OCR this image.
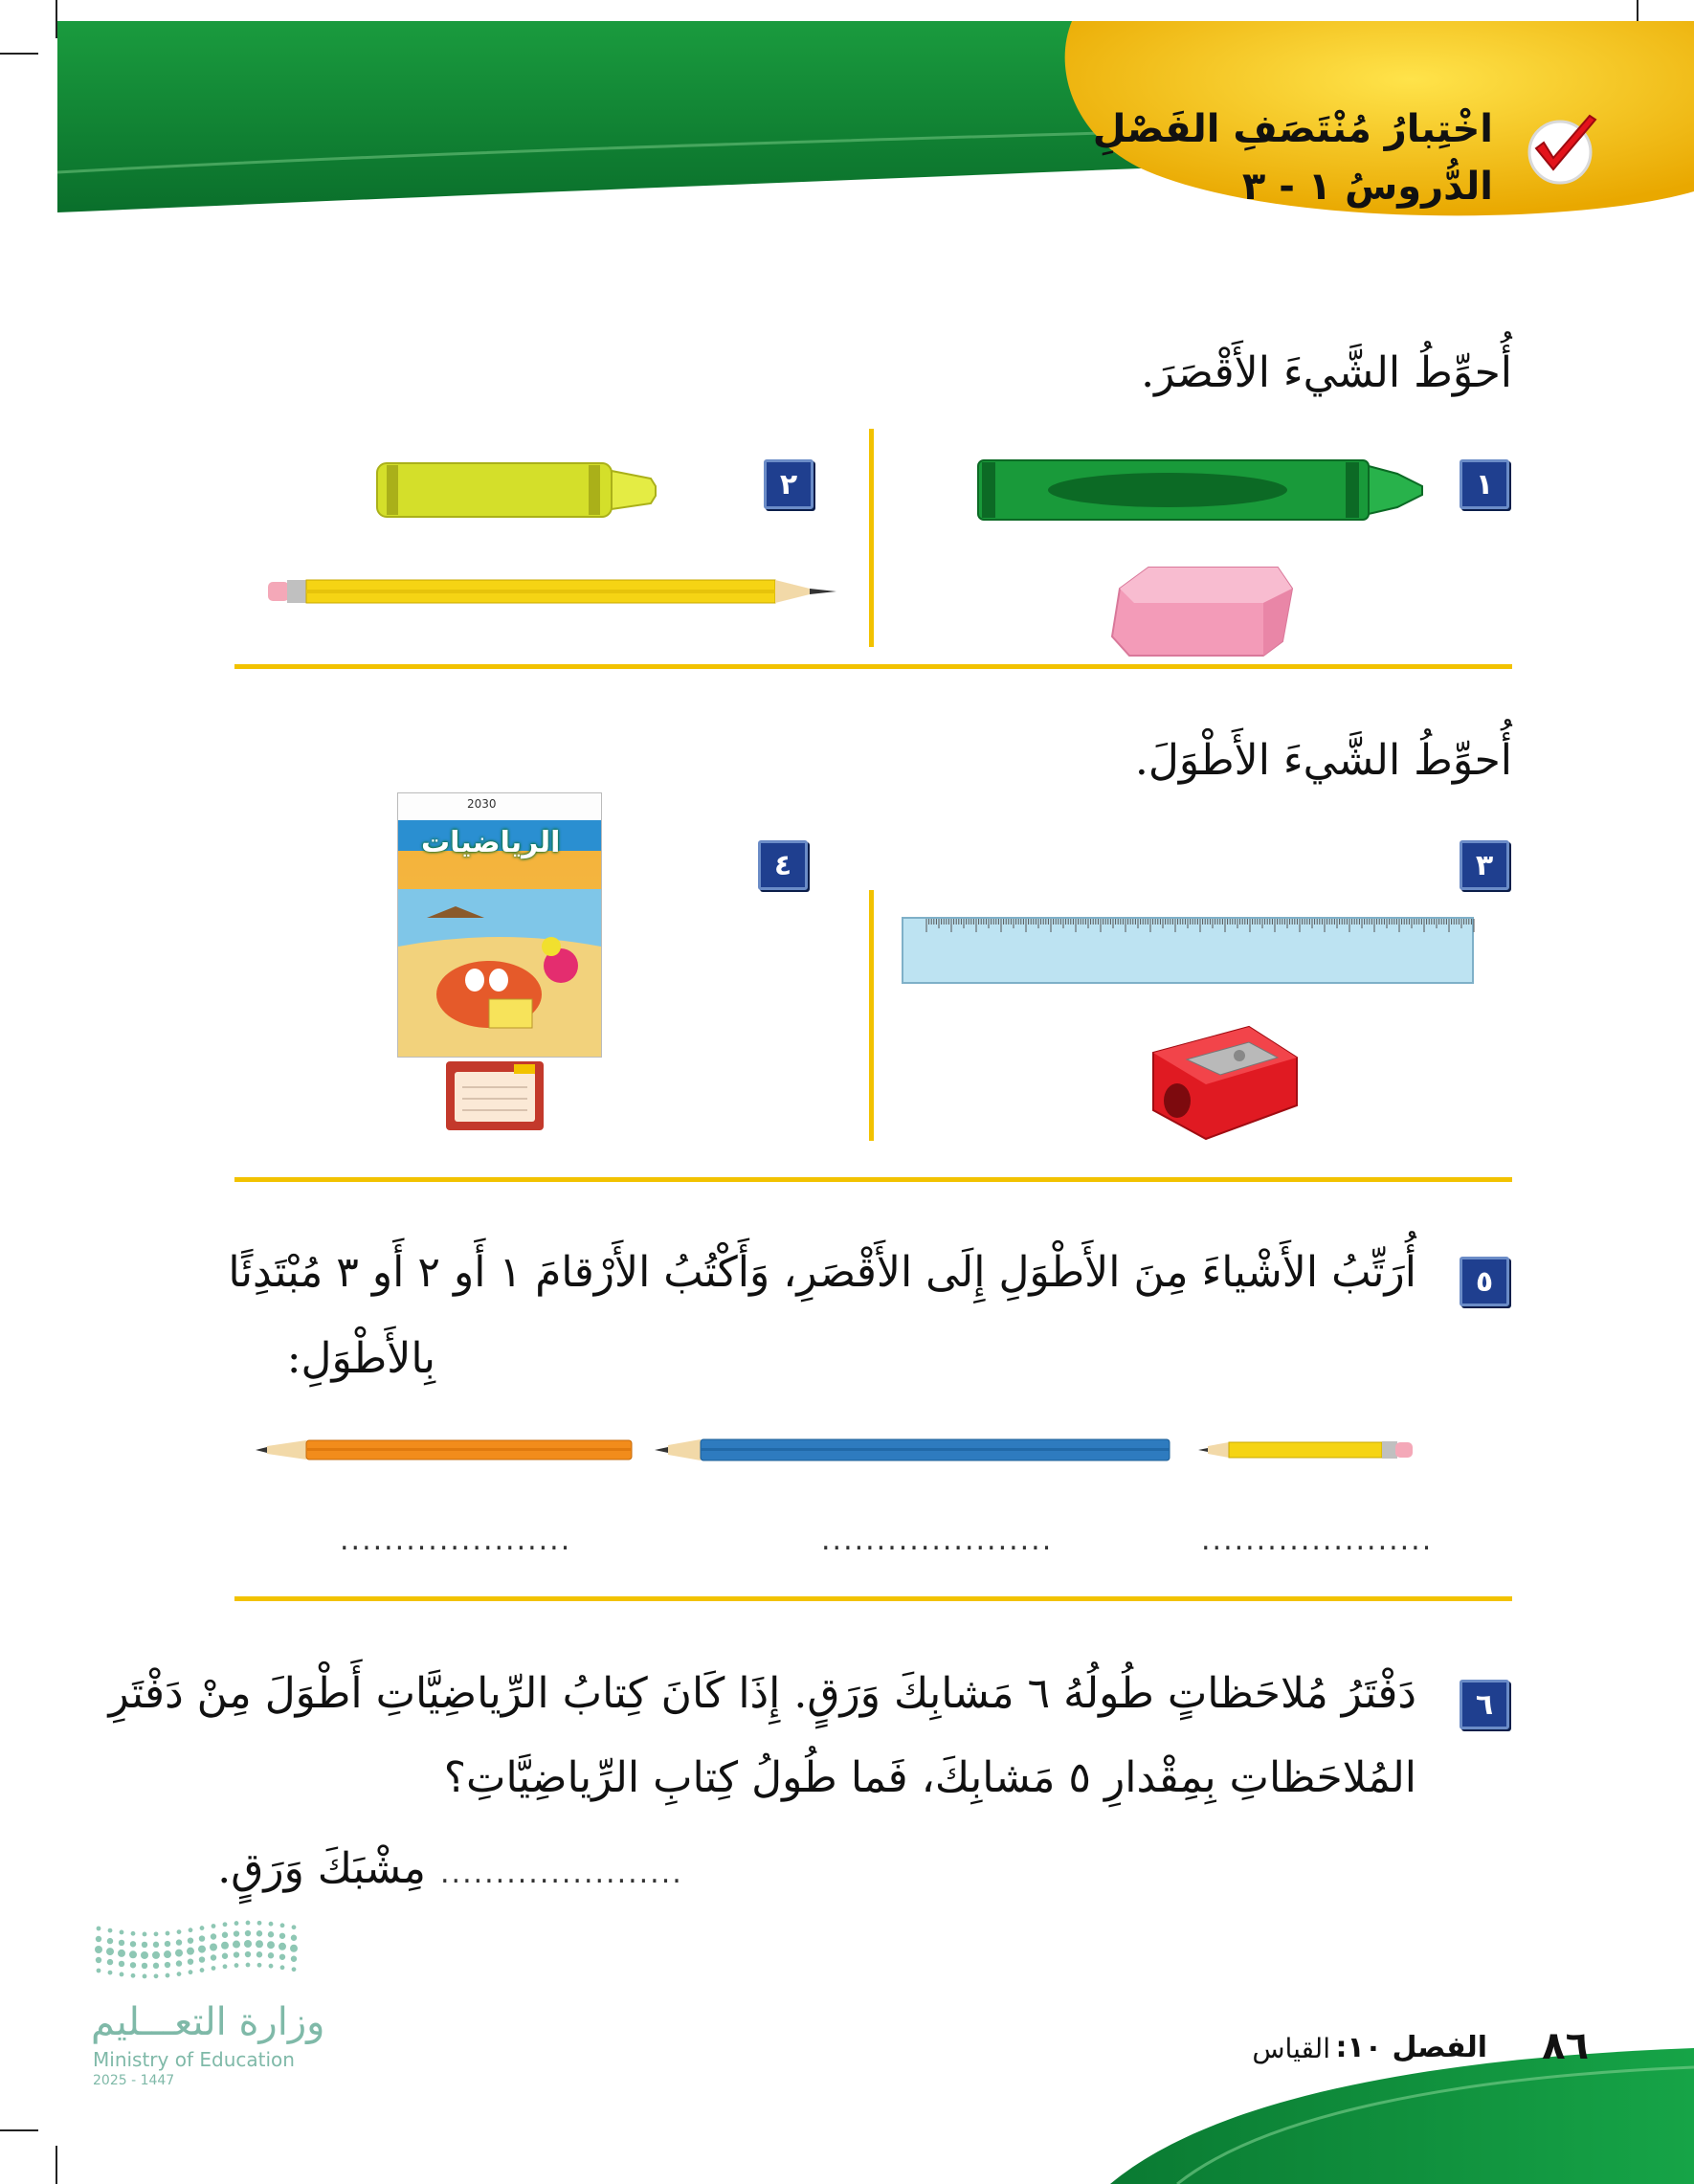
اخْتِبارُ مُنْتَصَفِ الفَصْلِ
الدُّروسُ ١ - ٣
أُحوِّطُ الشَّيءَ الأَقْصَرَ.
١
٢
أُحوِّطُ الشَّيءَ الأَطْوَلَ.
٣
٤
2030
الرياضيات
٥
أُرَتِّبُ الأَشْياءَ مِنَ الأَطْوَلِ إِلَى الأَقْصَرِ، وَأَكْتُبُ الأَرْقامَ ١ أَو ٢ أَو ٣ مُبْتَدِئًا
بِالأَطْوَلِ:
.....................	.....................	.....................
٦
دَفْتَرُ مُلاحَظاتٍ طُولُهُ ٦ مَشابِكَ وَرَقٍ. إِذَا كَانَ كِتابُ الرِّياضِيَّاتِ أَطْوَلَ مِنْ دَفْتَرِ
المُلاحَظاتِ بِمِقْدارِ ٥ مَشابِكَ، فَما طُولُ كِتابِ الرِّياضِيَّاتِ؟
......................
مِشْبَكَ وَرَقٍ.
وزارة التعـــليم
Ministry of Education
2025 - 1447
٨٦
الفصل ١٠:
القياس
